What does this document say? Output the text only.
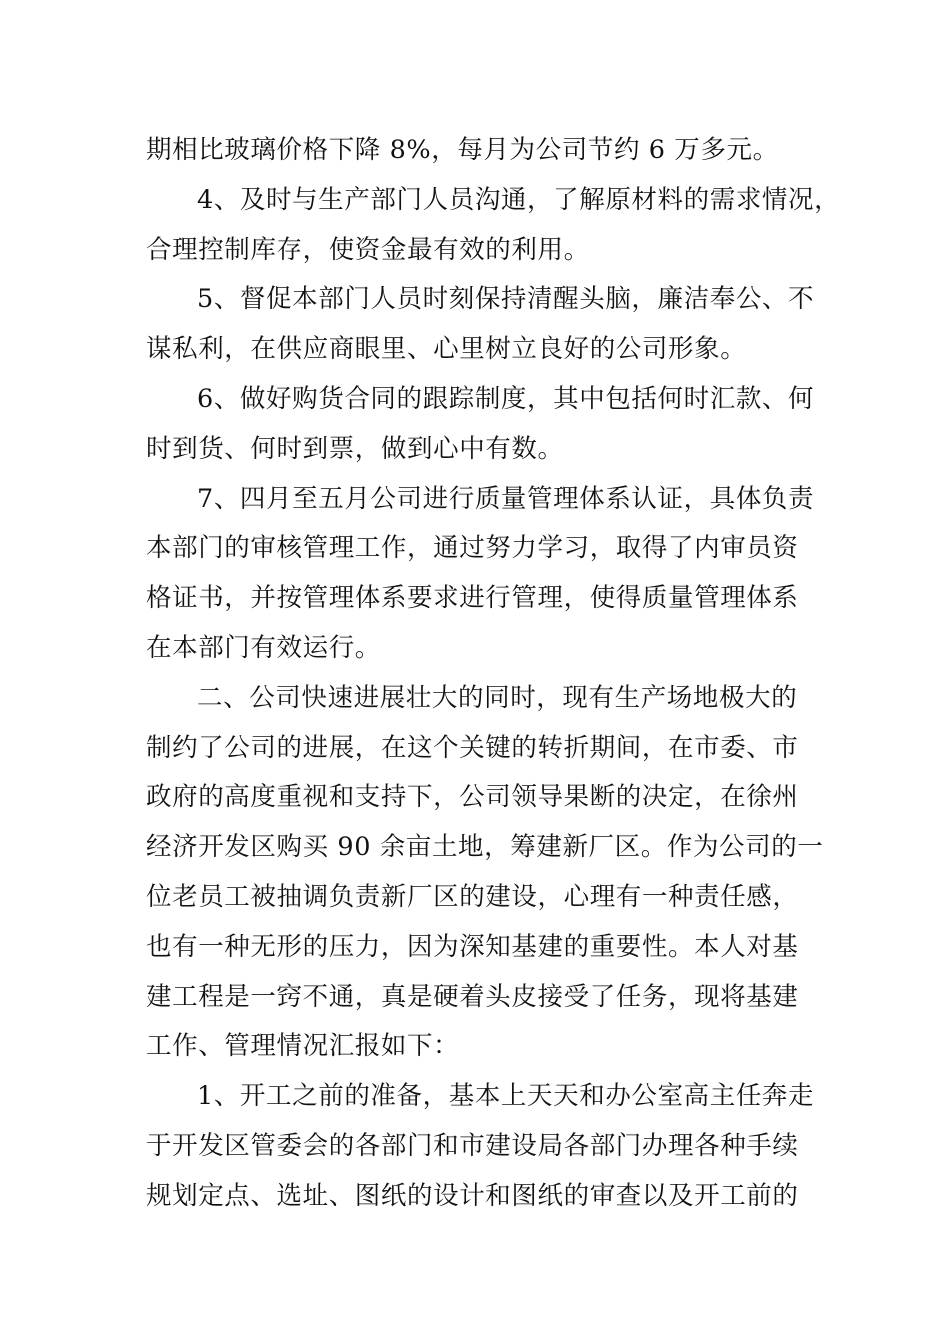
期相比玻璃价格下降 8%，每月为公司节约 6 万多元。
4、及时与生产部门人员沟通，了解原材料的需求情况，
合理控制库存，使资金最有效的利用。
5、督促本部门人员时刻保持清醒头脑，廉洁奉公、不
谋私利，在供应商眼里、心里树立良好的公司形象。
6、做好购货合同的跟踪制度，其中包括何时汇款、何
时到货、何时到票，做到心中有数。
7、四月至五月公司进行质量管理体系认证，具体负责
本部门的审核管理工作，通过努力学习，取得了内审员资
格证书，并按管理体系要求进行管理，使得质量管理体系
在本部门有效运行。
二、公司快速进展壮大的同时，现有生产场地极大的
制约了公司的进展，在这个关键的转折期间，在市委、市
政府的高度重视和支持下，公司领导果断的决定，在徐州
经济开发区购买 90 余亩土地，筹建新厂区。作为公司的一
位老员工被抽调负责新厂区的建设，心理有一种责任感，
也有一种无形的压力，因为深知基建的重要性。本人对基
建工程是一窍不通，真是硬着头皮接受了任务，现将基建
工作、管理情况汇报如下：
1、开工之前的准备，基本上天天和办公室高主任奔走
于开发区管委会的各部门和市建设局各部门办理各种手续
规划定点、选址、图纸的设计和图纸的审查以及开工前的
